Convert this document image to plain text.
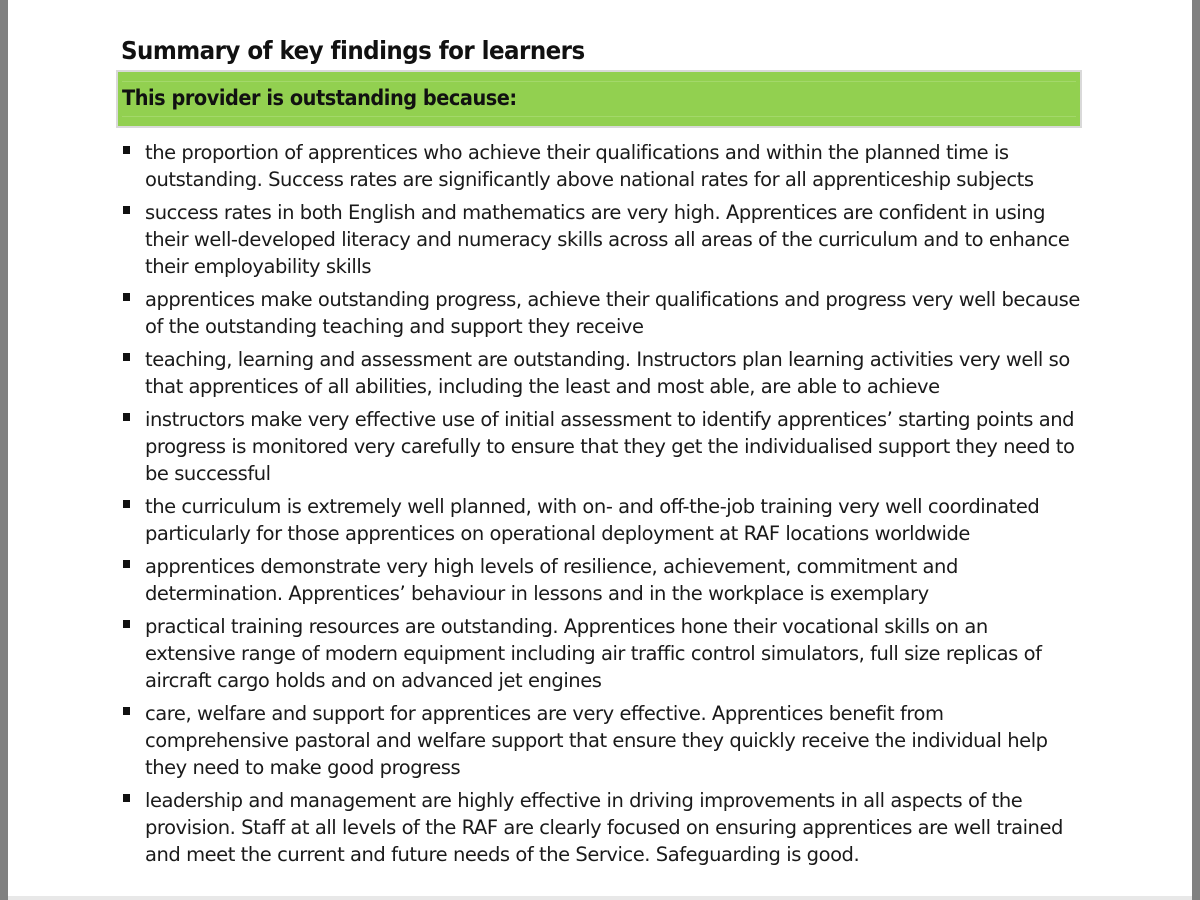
Summary of key findings for learners
This provider is outstanding because:
the proportion of apprentices who achieve their qualifications and within the planned time is outstanding. Success rates are significantly above national rates for all apprenticeship subjects
success rates in both English and mathematics are very high. Apprentices are confident in using their well-developed literacy and numeracy skills across all areas of the curriculum and to enhance their employability skills
apprentices make outstanding progress, achieve their qualifications and progress very well because of the outstanding teaching and support they receive
teaching, learning and assessment are outstanding. Instructors plan learning activities very well so that apprentices of all abilities, including the least and most able, are able to achieve
instructors make very effective use of initial assessment to identify apprentices’ starting points and progress is monitored very carefully to ensure that they get the individualised support they need to be successful
the curriculum is extremely well planned, with on- and off-the-job training very well coordinated particularly for those apprentices on operational deployment at RAF locations worldwide
apprentices demonstrate very high levels of resilience, achievement, commitment and determination. Apprentices’ behaviour in lessons and in the workplace is exemplary
practical training resources are outstanding. Apprentices hone their vocational skills on an extensive range of modern equipment including air traffic control simulators, full size replicas of aircraft cargo holds and on advanced jet engines
care, welfare and support for apprentices are very effective. Apprentices benefit from comprehensive pastoral and welfare support that ensure they quickly receive the individual help they need to make good progress
leadership and management are highly effective in driving improvements in all aspects of the provision. Staff at all levels of the RAF are clearly focused on ensuring apprentices are well trained and meet the current and future needs of the Service. Safeguarding is good.
